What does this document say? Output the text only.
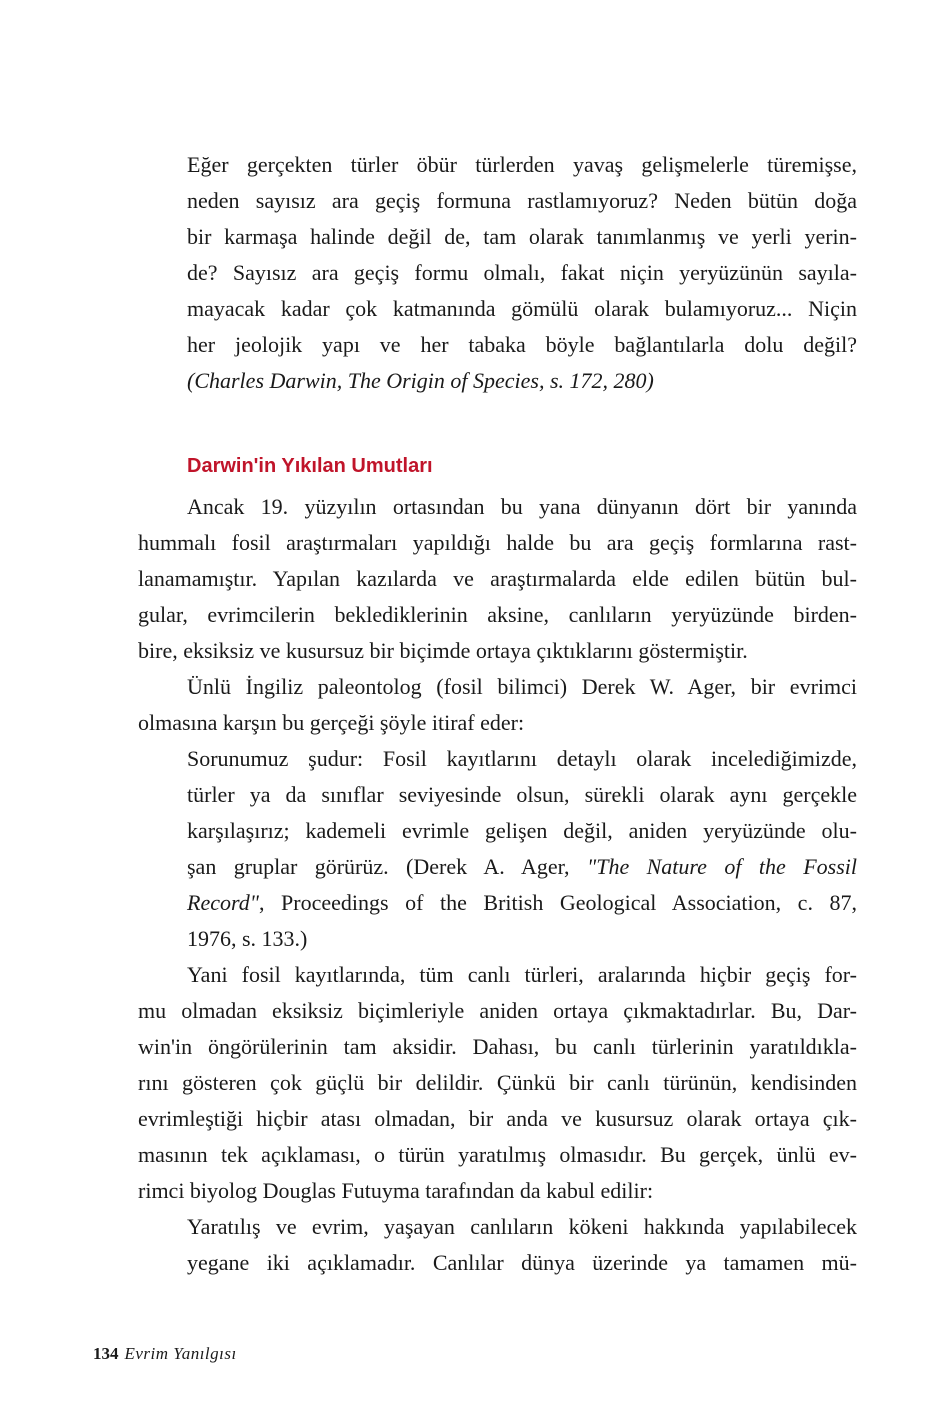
Eğer gerçekten türler öbür türlerden yavaş gelişmelerle türemişse,

neden sayısız ara geçiş formuna rastlamıyoruz? Neden bütün doğa

bir karmaşa halinde değil de, tam olarak tanımlanmış ve yerli yerin-

de? Sayısız ara geçiş formu olmalı, fakat niçin yeryüzünün sayıla-

mayacak kadar çok katmanında gömülü olarak bulamıyoruz... Niçin

her jeolojik yapı ve her tabaka böyle bağlantılarla dolu değil?

(Charles Darwin, The Origin of Species, s. 172, 280)

Darwin'in Yıkılan Umutları

Ancak 19. yüzyılın ortasından bu yana dünyanın dört bir yanında

hummalı fosil araştırmaları yapıldığı halde bu ara geçiş formlarına rast-

lanamamıştır. Yapılan kazılarda ve araştırmalarda elde edilen bütün bul-

gular, evrimcilerin beklediklerinin aksine, canlıların yeryüzünde birden-

bire, eksiksiz ve kusursuz bir biçimde ortaya çıktıklarını göstermiştir.

Ünlü İngiliz paleontolog (fosil bilimci) Derek W. Ager, bir evrimci

olmasına karşın bu gerçeği şöyle itiraf eder:

Sorunumuz şudur: Fosil kayıtlarını detaylı olarak incelediğimizde,

türler ya da sınıflar seviyesinde olsun, sürekli olarak aynı gerçekle

karşılaşırız; kademeli evrimle gelişen değil, aniden yeryüzünde olu-

şan gruplar görürüz. (Derek A. Ager, "The Nature of the Fossil

Record", Proceedings of the British Geological Association, c. 87,

1976, s. 133.)

Yani fosil kayıtlarında, tüm canlı türleri, aralarında hiçbir geçiş for-

mu olmadan eksiksiz biçimleriyle aniden ortaya çıkmaktadırlar. Bu, Dar-

win'in öngörülerinin tam aksidir. Dahası, bu canlı türlerinin yaratıldıkla-

rını gösteren çok güçlü bir delildir. Çünkü bir canlı türünün, kendisinden

evrimleştiği hiçbir atası olmadan, bir anda ve kusursuz olarak ortaya çık-

masının tek açıklaması, o türün yaratılmış olmasıdır. Bu gerçek, ünlü ev-

rimci biyolog Douglas Futuyma tarafından da kabul edilir:

Yaratılış ve evrim, yaşayan canlıların kökeni hakkında yapılabilecek

yegane iki açıklamadır. Canlılar dünya üzerinde ya tamamen mü-

134 Evrim Yanılgısı
